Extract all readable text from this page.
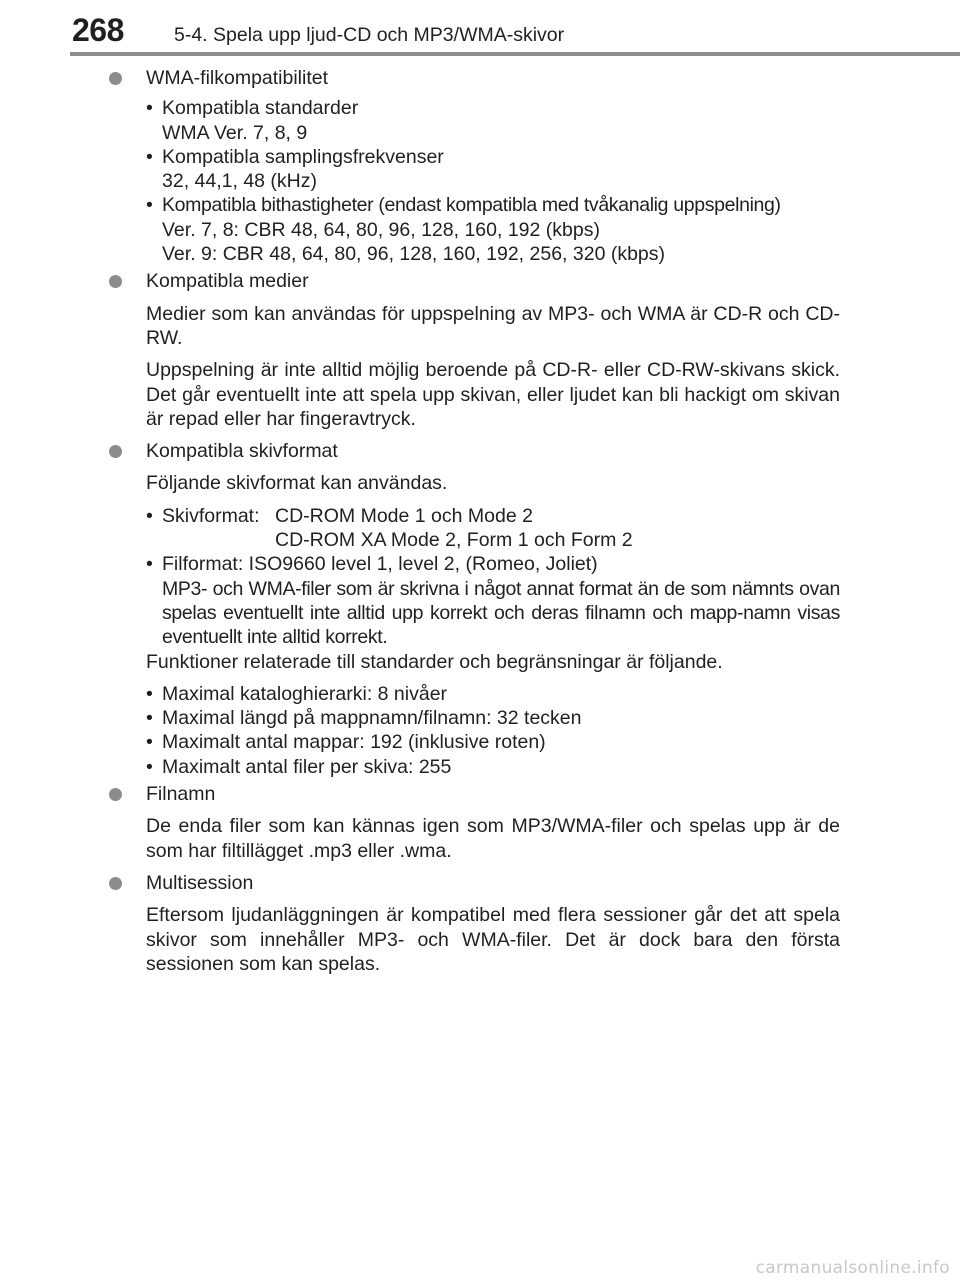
268	5-4. Spela upp ljud-CD och MP3/WMA-skivor
WMA-filkompatibilitet
• Kompatibla standarder
WMA Ver. 7, 8, 9
• Kompatibla samplingsfrekvenser
32, 44,1, 48 (kHz)
• Kompatibla bithastigheter (endast kompatibla med tvåkanalig uppspelning)
Ver. 7, 8: CBR 48, 64, 80, 96, 128, 160, 192 (kbps)
Ver. 9: CBR 48, 64, 80, 96, 128, 160, 192, 256, 320 (kbps)
Kompatibla medier
Medier som kan användas för uppspelning av MP3- och WMA är CD-R och CD-RW.
Uppspelning är inte alltid möjlig beroende på CD-R- eller CD-RW-skivans skick. Det går eventuellt inte att spela upp skivan, eller ljudet kan bli hackigt om skivan är repad eller har fingeravtryck.
Kompatibla skivformat
Följande skivformat kan användas.
• Skivformat: CD-ROM Mode 1 och Mode 2
CD-ROM XA Mode 2, Form 1 och Form 2
• Filformat: ISO9660 level 1, level 2, (Romeo, Joliet)
MP3- och WMA-filer som är skrivna i något annat format än de som nämnts ovan spelas eventuellt inte alltid upp korrekt och deras filnamn och mapp-namn visas eventuellt inte alltid korrekt.
Funktioner relaterade till standarder och begränsningar är följande.
• Maximal kataloghierarki: 8 nivåer
• Maximal längd på mappnamn/filnamn: 32 tecken
• Maximalt antal mappar: 192 (inklusive roten)
• Maximalt antal filer per skiva: 255
Filnamn
De enda filer som kan kännas igen som MP3/WMA-filer och spelas upp är de som har filtillägget .mp3 eller .wma.
Multisession
Eftersom ljudanläggningen är kompatibel med flera sessioner går det att spela skivor som innehåller MP3- och WMA-filer. Det är dock bara den första sessionen som kan spelas.
carmanualsonline.info
